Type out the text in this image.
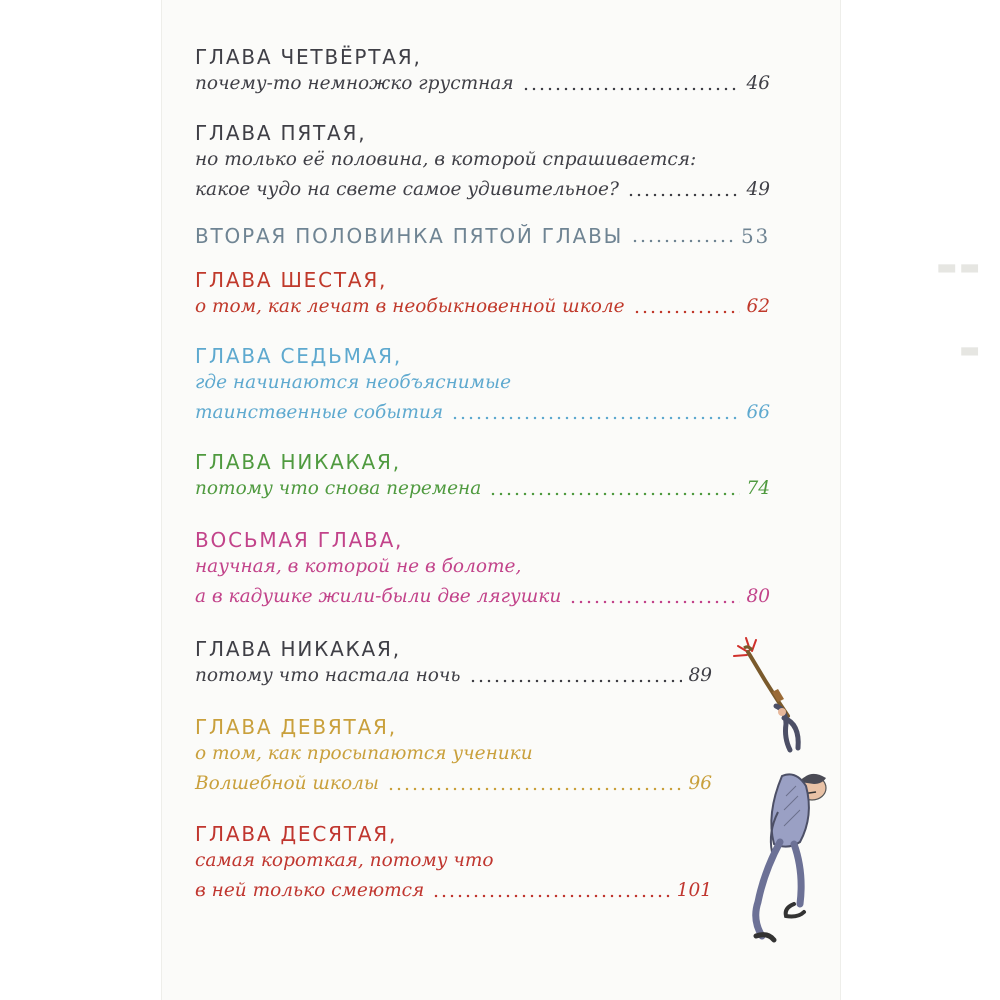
▬▬
▬
ГЛАВА ЧЕТВЁРТАЯ,
почему-то немножко грустная	46
ГЛАВА ПЯТАЯ,
но только её половина, в которой спрашивается:
какое чудо на свете самое удивительное?	49
ВТОРАЯ ПОЛОВИНКА ПЯТОЙ ГЛАВЫ	53
ГЛАВА ШЕСТАЯ,
о том, как лечат в необыкновенной школе	62
ГЛАВА СЕДЬМАЯ,
где начинаются необъяснимые
таинственные события	66
ГЛАВА НИКАКАЯ,
потому что снова перемена	74
ВОСЬМАЯ ГЛАВА,
научная, в которой не в болоте,
а в кадушке жили-были две лягушки	80
ГЛАВА НИКАКАЯ,
потому что настала ночь	89
ГЛАВА ДЕВЯТАЯ,
о том, как просыпаются ученики
Волшебной школы	96
ГЛАВА ДЕСЯТАЯ,
самая короткая, потому что
в ней только смеются	101
